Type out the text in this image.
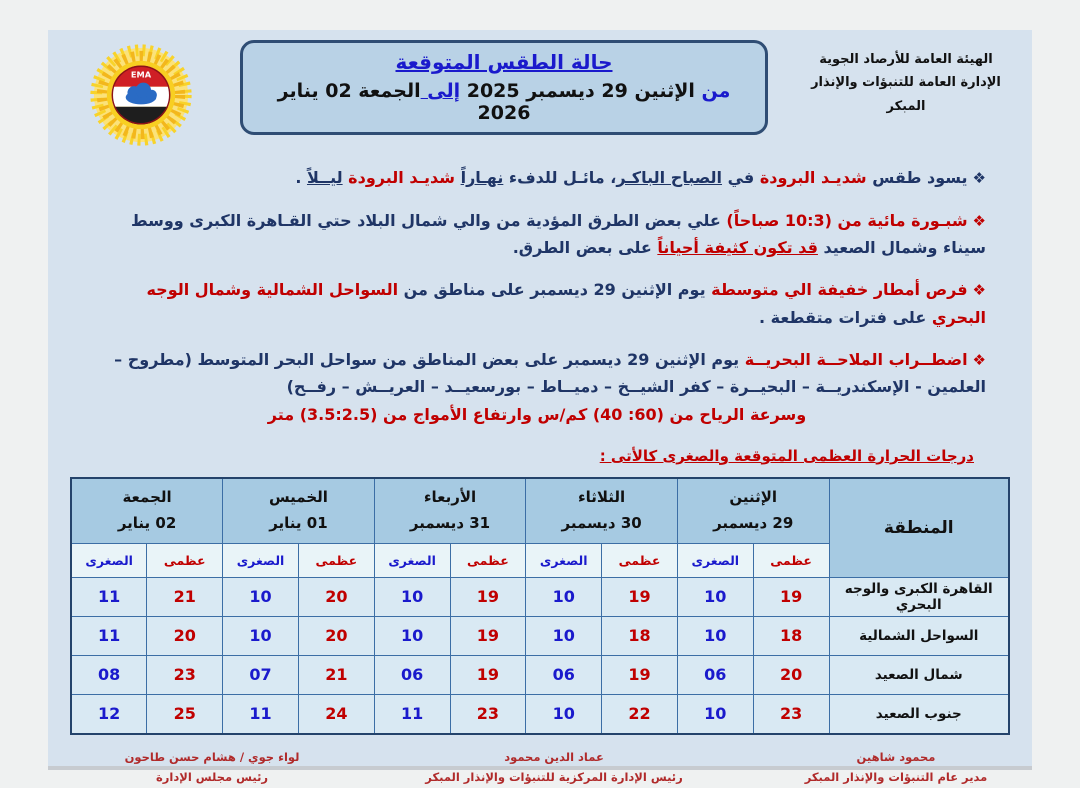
الهيئة العامة للأرصاد الجوية
الإدارة العامة للتنبؤات والإنذار المبكر
حالة الطقس المتوقعة
من الإثنين 29 ديسمبر 2025 إلى الجمعة 02 يناير 2026
EMA
❖يسود طقس شديـد البرودة في الصباح الباكـر، مائـل للدفء نهـاراً شديـد البرودة ليــلاً .
❖شبـورة مائية من (10:3 صباحاً) علي بعض الطرق المؤدية من والي شمال البلاد حتي القـاهرة الكبرى ووسط سيناء وشمال الصعيد قد تكون كثيفة أحياناً على بعض الطرق.
❖فرص أمطار خفيفة الي متوسطة يوم الإثنين 29 ديسمبر على مناطق من السواحل الشمالية وشمال الوجه البحري على فترات متقطعة .
❖اضطــراب الملاحــة البحريــة يوم الإثنين 29 ديسمبر على بعض المناطق من سواحل البحر المتوسط (مطروح – العلمين - الإسكندريــة – البحيــرة – كفر الشيــخ – دميــاط – بورسعيــد – العريــش – رفــح)
وسرعة الرياح من (60: 40) كم/س وارتفاع الأمواج من (3.5:2.5) متر
درجات الحرارة العظمى المتوقعة والصغرى كالأتى :
المنطقة	الإثنين
29 ديسمبر		الثلاثاء
30 ديسمبر		الأربعاء
31 ديسمبر		الخميس
01 يناير		الجمعة
02 يناير	
	عظمى	الصغرى	عظمى	الصغرى	عظمى	الصغرى	عظمى	الصغرى	عظمى	الصغرى
القاهرة الكبرى والوجه البحري	19	10	19	10	19	10	20	10	21	11
السواحل الشمالية	18	10	18	10	19	10	20	10	20	11
شمال الصعيد	20	06	19	06	19	06	21	07	23	08
جنوب الصعيد	23	10	22	10	23	11	24	11	25	12
محمود شاهين
مدير عام التنبؤات والإنذار المبكر
عماد الدين محمود
رئيس الإدارة المركزية للتنبؤات والإنذار المبكر
لواء جوي / هشام حسن طاحون
رئيس مجلس الإدارة
